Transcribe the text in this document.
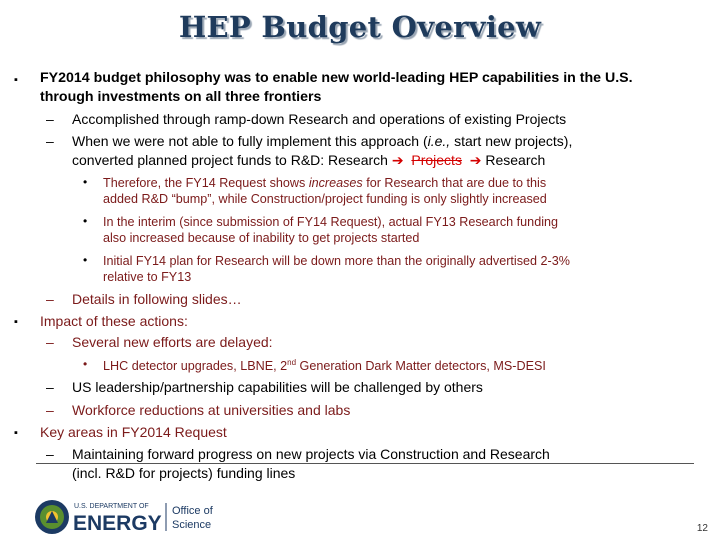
HEP Budget Overview
▪ FY2014 budget philosophy was to enable new world-leading HEP capabilities in the U.S.
through investments on all three frontiers
– Accomplished through ramp-down Research and operations of existing Projects
– When we were not able to fully implement this approach (i.e., start new projects),
converted planned project funds to R&D: Research ➔ Projects ➔ Research
• Therefore, the FY14 Request shows increases for Research that are due to this
added R&D “bump”, while Construction/project funding is only slightly increased
• In the interim (since submission of FY14 Request), actual FY13 Research funding
also increased because of inability to get projects started
• Initial FY14 plan for Research will be down more than the originally advertised 2-3%
relative to FY13
– Details in following slides…
▪ Impact of these actions:
– Several new efforts are delayed:
• LHC detector upgrades, LBNE, 2nd Generation Dark Matter detectors, MS-DESI
– US leadership/partnership capabilities will be challenged by others
– Workforce reductions at universities and labs
▪ Key areas in FY2014 Request
– Maintaining forward progress on new projects via Construction and Research
(incl. R&D for projects) funding lines
U.S. DEPARTMENT OF
ENERGY
Office of
Science	12
